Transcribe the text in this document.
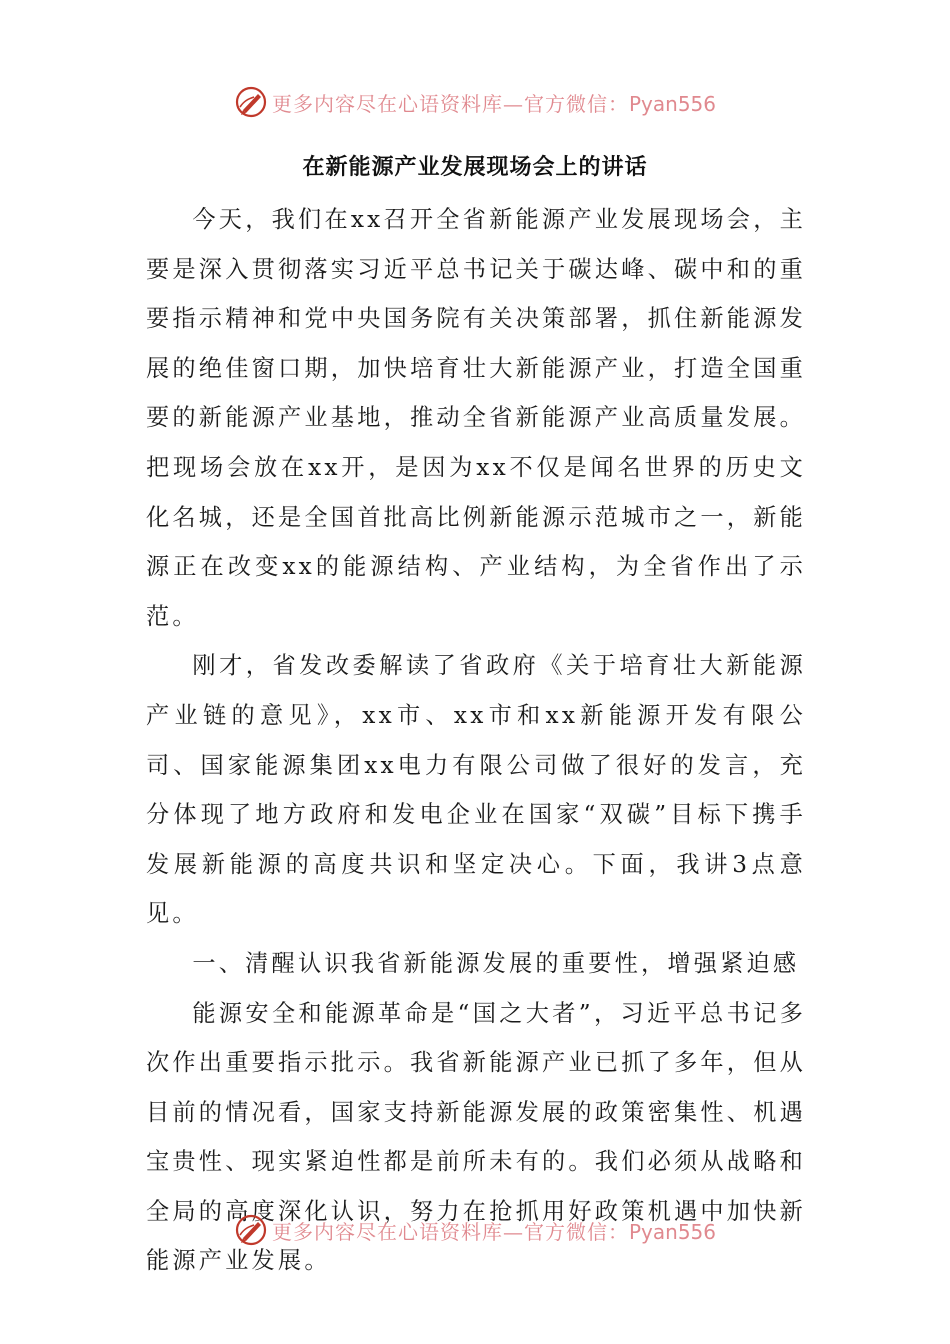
更多内容尽在心语资料库—官方微信：Pyan556
在新能源产业发展现场会上的讲话

今天，我们在xx召开全省新能源产业发展现场会，主要是深入贯彻落实习近平总书记关于碳达峰、碳中和的重要指示精神和党中央国务院有关决策部署，抓住新能源发展的绝佳窗口期，加快培育壮大新能源产业，打造全国重要的新能源产业基地，推动全省新能源产业高质量发展。把现场会放在xx开，是因为xx不仅是闻名世界的历史文化名城，还是全国首批高比例新能源示范城市之一，新能源正在改变xx的能源结构、产业结构，为全省作出了示范。

刚才，省发改委解读了省政府《关于培育壮大新能源产业链的意见》，xx市、xx市和xx新能源开发有限公司、国家能源集团xx电力有限公司做了很好的发言，充分体现了地方政府和发电企业在国家“双碳”目标下携手发展新能源的高度共识和坚定决心。下面，我讲3点意见。

一、清醒认识我省新能源发展的重要性，增强紧迫感

能源安全和能源革命是“国之大者”，习近平总书记多次作出重要指示批示。我省新能源产业已抓了多年，但从目前的情况看，国家支持新能源发展的政策密集性、机遇宝贵性、现实紧迫性都是前所未有的。我们必须从战略和全局的高度深化认识，努力在抢抓用好政策机遇中加快新能源产业发展。

更多内容尽在心语资料库—官方微信：Pyan556
